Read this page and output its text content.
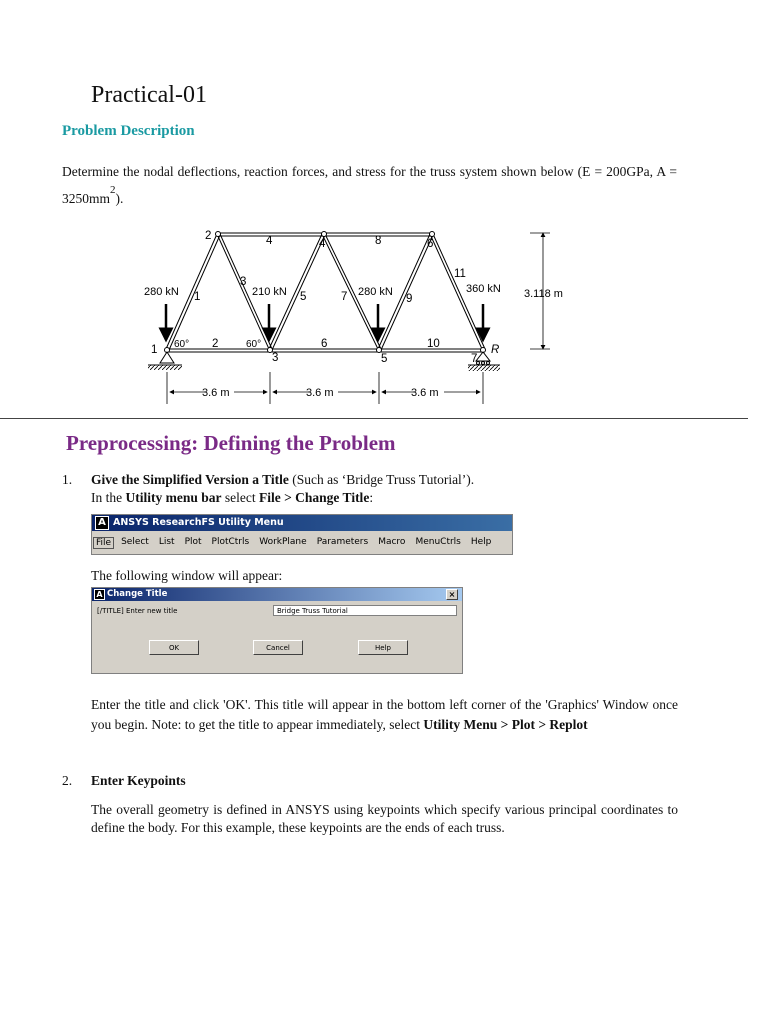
Practical-01
Problem Description
Determine the nodal deflections, reaction forces, and stress for the truss system shown below (E = 200GPa, $A = 3250mm^2$).
1
2
3
4
5
6
7
1
2
3
4
5
6
7
8
9
10
11
280 kN	210 kN	280 kN	360 kN
60°	60°	R
3.118 m
3.6 m	3.6 m	3.6 m
Preprocessing: Defining the Problem
1. Give the Simplified Version a Title (Such as ‘Bridge Truss Tutorial’).
In the Utility menu bar select File > Change Title:
A ANSYS ResearchFS Utility Menu
File	Select List Plot PlotCtrls WorkPlane Parameters Macro MenuCtrls Help
The following window will appear:
A Change Title	×
[/TITLE] Enter new title	Bridge Truss Tutorial
OK	Cancel	Help
Enter the title and click 'OK'. This title will appear in the bottom left corner of the 'Graphics' Window once you begin. Note: to get the title to appear immediately, select Utility Menu > Plot > Replot
2. Enter Keypoints
The overall geometry is defined in ANSYS using keypoints which specify various principal coordinates to define the body. For this example, these keypoints are the ends of each truss.
